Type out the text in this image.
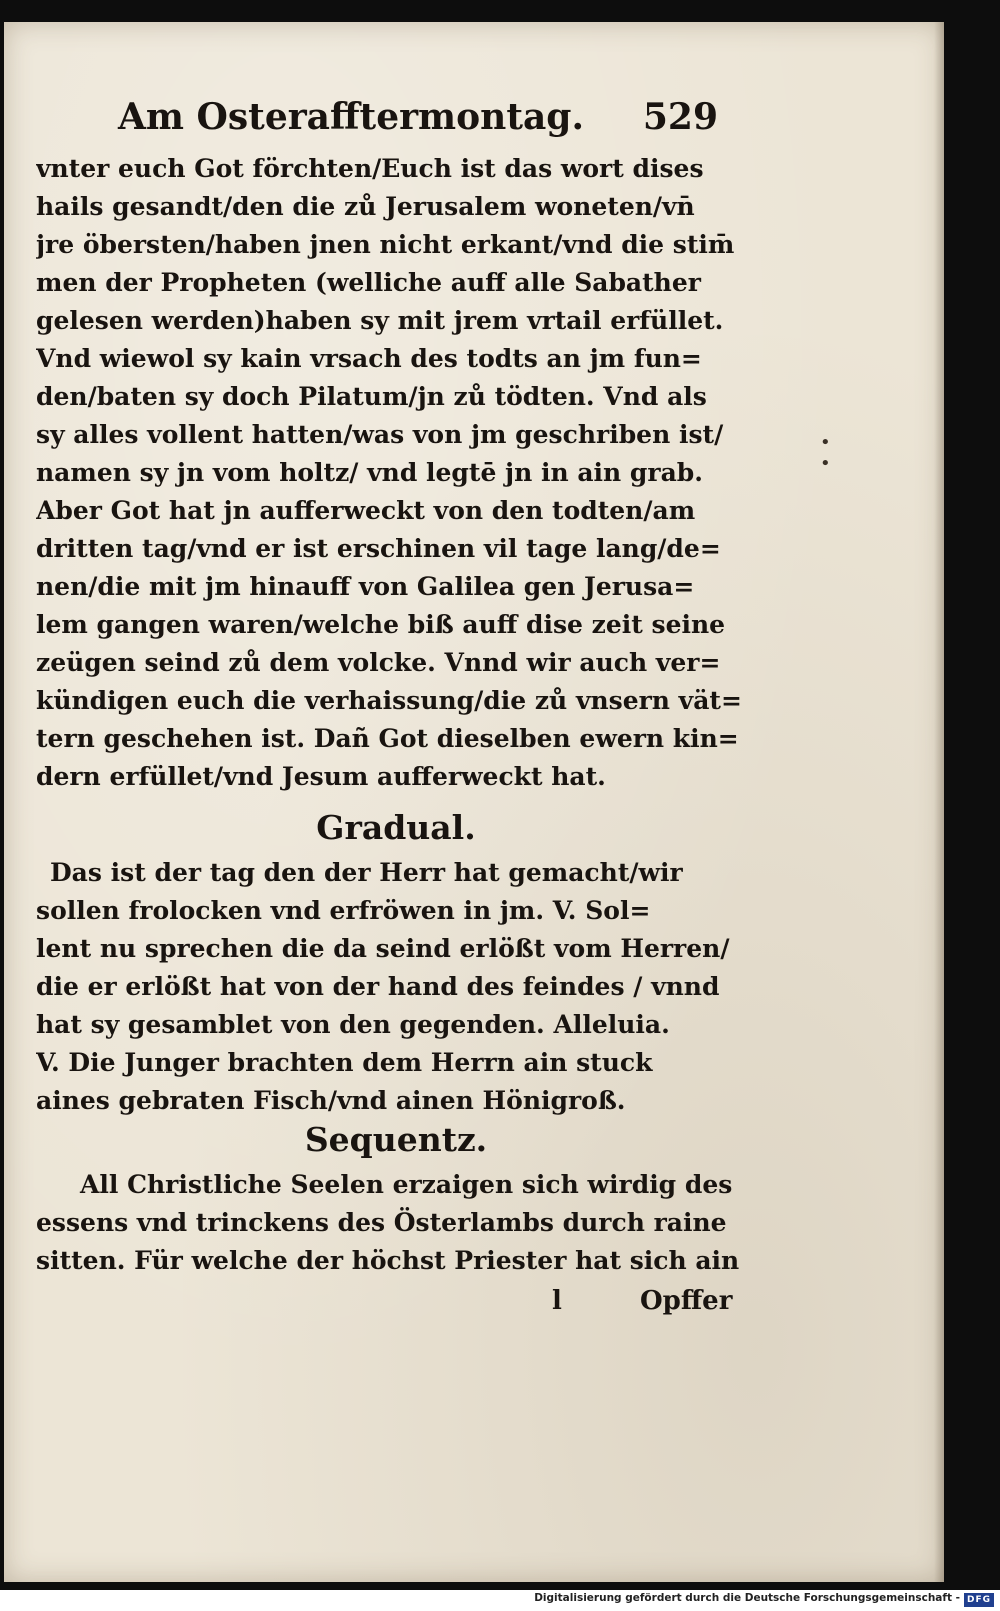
Am Osterafftermontag. 529
vnter euch Got förchten/Euch ist das wort dises
hails gesandt/den die zů Jerusalem woneten/vn̄
jre öbersten/haben jnen nicht erkant/vnd die stim̄
men der Propheten (welliche auff alle Sabather
gelesen werden)haben sy mit jrem vrtail erfüllet.
Vnd wiewol sy kain vrsach des todts an jm fun=
den/baten sy doch Pilatum/jn zů tödten. Vnd als
sy alles vollent hatten/was von jm geschriben ist/
namen sy jn vom holtz/ vnd legtē jn in ain grab.
Aber Got hat jn aufferweckt von den todten/am
dritten tag/vnd er ist erschinen vil tage lang/de=
nen/die mit jm hinauff von Galilea gen Jerusa=
lem gangen waren/welche biß auff dise zeit seine
zeügen seind zů dem volcke. Vnnd wir auch ver=
kündigen euch die verhaissung/die zů vnsern vät=
tern geschehen ist. Dañ Got dieselben ewern kin=
dern erfüllet/vnd Jesum aufferweckt hat.
Gradual.
Das ist der tag den der Herr hat gemacht/wir
sollen frolocken vnd erfröwen in jm. V. Sol=
lent nu sprechen die da seind erlößt vom Herren/
die er erlößt hat von der hand des feindes / vnnd
hat sy gesamblet von den gegenden. Alleluia.
V. Die Junger brachten dem Herrn ain stuck
aines gebraten Fisch/vnd ainen Hönigroß.
Sequentz.
All Christliche Seelen erzaigen sich wirdig des
essens vnd trinckens des Österlambs durch raine
sitten. Für welche der höchst Priester hat sich ain
l	Opffer
• •
Digitalisierung gefördert durch die Deutsche Forschungsgemeinschaft - DFG
